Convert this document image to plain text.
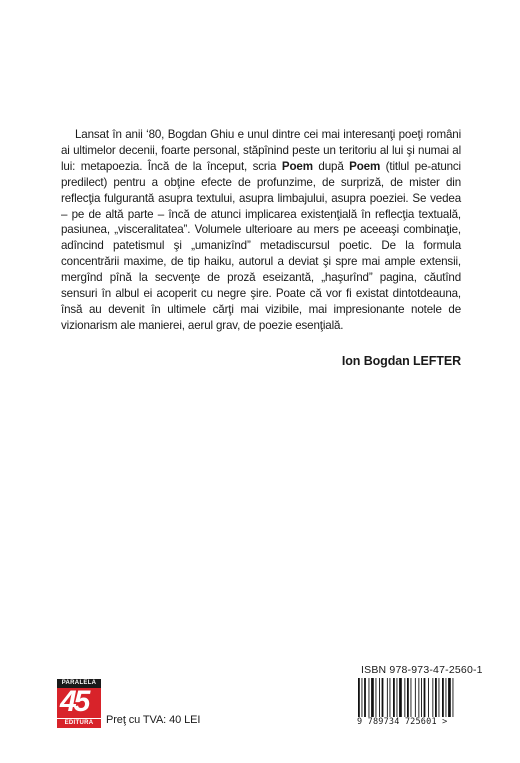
Lansat în anii ‘80, Bogdan Ghiu e unul dintre cei mai interesanţi poeţi români ai ultimelor decenii, foarte personal, stăpînind peste un teritoriu al lui şi numai al lui: metapoezia. Încă de la început, scria Poem după Poem (titlul pe-atunci predilect) pentru a obţine efecte de profunzime, de surpriză, de mister din reflecţia fulgurantă asupra textului, asupra limbajului, asupra poeziei. Se vedea – pe de altă parte – încă de atunci implicarea existenţială în reflecţia textuală, pasiunea, „visceralitatea”. Volumele ulterioare au mers pe aceeaşi combinaţie, adîncind patetismul şi „umanizînd” metadiscursul poetic. De la formula concentrării maxime, de tip haiku, autorul a deviat şi spre mai ample extensii, mergînd pînă la secvenţe de proză eseizantă, „haşurînd” pagina, căutînd sensuri în albul ei acoperit cu negre şire. Poate că vor fi existat dintotdeauna, însă au devenit în ultimele cărţi mai vizibile, mai impresionante notele de vizionarism ale manierei, aerul grav, de poezie esenţială.

Ion Bogdan LEFTER
ISBN 978-973-47-2560-1
9 789734 725601 >
PARALELA
45
EDITURA	Preţ cu TVA: 40 LEI
